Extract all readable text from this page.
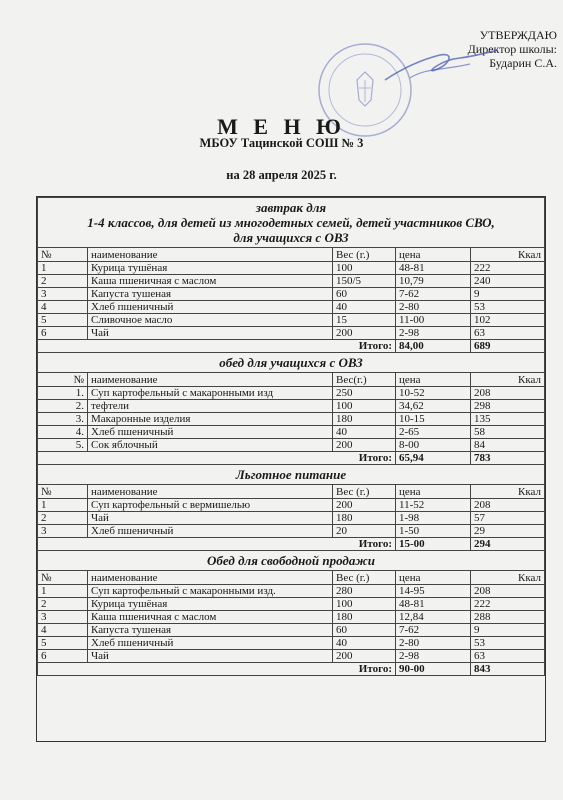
УТВЕРЖДАЮ
Директор школы:
Бударин С.А.
М Е Н Ю
МБОУ Тацинской СОШ № 3
на 28 апреля 2025 г.
завтрак для
1-4 классов, для детей из многодетных семей, детей участников СВО,
для учащихся с ОВЗ				

№	наименование	Вес (г.)	цена	Ккал
1	Курица тушёная	100	48-81	222
2	Каша пшеничная с маслом	150/5	10,79	240
3	Капуста тушеная	60	7-62	9
4	Хлеб пшеничный	40	2-80	53
5	Сливочное масло	15	11-00	102
6	Чай	200	2-98	63
Итого:			84,00	689

обед для учащихся с ОВЗ				

№	наименование	Вес(г.)	цена	Ккал
1.	Суп картофельный с макаронными изд	250	10-52	208
2.	тефтели	100	34,62	298
3.	Макаронные изделия	180	10-15	135
4.	Хлеб пшеничный	40	2-65	58
5.	Сок яблочный	200	8-00	84
Итого:			65,94	783

Льготное питание				

№	наименование	Вес (г.)	цена	Ккал
1	Суп картофельный с вермишелью	200	11-52	208
2	Чай	180	1-98	57
3	Хлеб пшеничный	20	1-50	29
Итого:			15-00	294

Обед для свободной продажи				

№	наименование	Вес (г.)	цена	Ккал
1	Суп картофельный с макаронными изд.	280	14-95	208
2	Курица тушёная	100	48-81	222
3	Каша пшеничная с маслом	180	12,84	288
4	Капуста тушеная	60	7-62	9
5	Хлеб пшеничный	40	2-80	53
6	Чай	200	2-98	63
Итого:			90-00	843
